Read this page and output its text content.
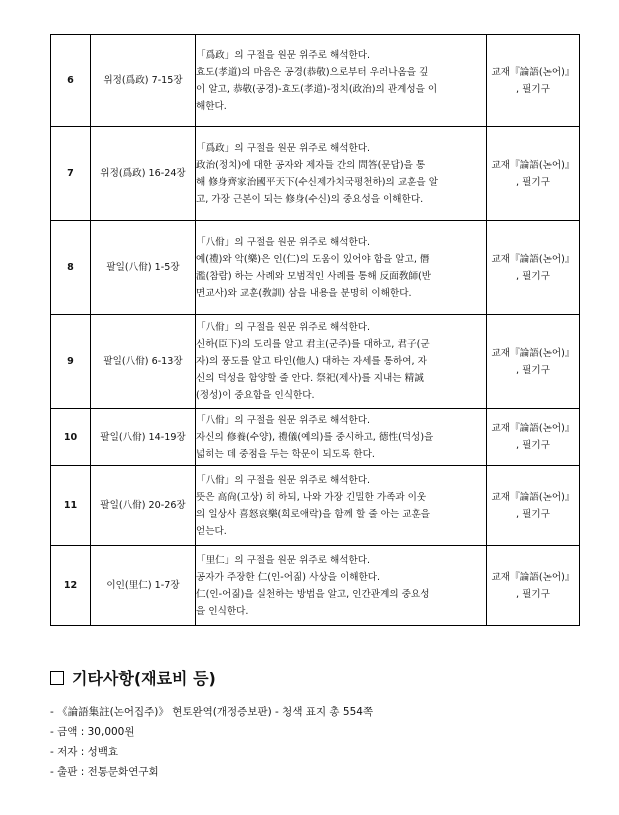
6	위정(爲政) 7-15장	「爲政」의 구절을 원문 위주로 해석한다.
효도(孝道)의 마음은 공경(恭敬)으로부터 우러나옴을 깊
이 알고, 恭敬(공경)-효도(孝道)-정치(政治)의 관계성을 이
해한다.	교재『論語(논어)』
, 필기구

7	위정(爲政) 16-24장	「爲政」의 구절을 원문 위주로 해석한다.
政治(정치)에 대한 공자와 제자들 간의 問答(문답)을 통
해 修身齊家治國平天下(수신제가치국평천하)의 교훈을 알
고, 가장 근본이 되는 修身(수신)의 중요성을 이해한다.	교재『論語(논어)』
, 필기구

8	팔일(八佾) 1-5장	「八佾」의 구절을 원문 위주로 해석한다.
예(禮)와 악(樂)은 인(仁)의 도움이 있어야 함을 알고, 僭
濫(참람) 하는 사례와 모범적인 사례를 통해 反面敎師(반
면교사)와 교훈(敎訓) 삼을 내용을 분명히 이해한다.	교재『論語(논어)』
, 필기구

9	팔일(八佾) 6-13장	「八佾」의 구절을 원문 위주로 해석한다.
신하(臣下)의 도리를 알고 君主(군주)를 대하고, 君子(군
자)의 풍도를 알고 타인(他人) 대하는 자세를 통하여, 자
신의 덕성을 함양할 줄 안다. 祭祀(제사)를 지내는 精誠
(정성)이 중요함을 인식한다.	교재『論語(논어)』
, 필기구

10	팔일(八佾) 14-19장	「八佾」의 구절을 원문 위주로 해석한다.
자신의 修養(수양), 禮儀(예의)를 중시하고, 德性(덕성)을
넓히는 데 중점을 두는 학문이 되도록 한다.	교재『論語(논어)』
, 필기구

11	팔일(八佾) 20-26장	「八佾」의 구절을 원문 위주로 해석한다.
뜻은 高尙(고상) 히 하되, 나와 가장 긴밀한 가족과 이웃
의 일상사 喜怒哀樂(희로애락)을 함께 할 줄 아는 교훈을
얻는다.	교재『論語(논어)』
, 필기구

12	이인(里仁) 1-7장	「里仁」의 구절을 원문 위주로 해석한다.
공자가 주장한 仁(인-어짊) 사상을 이해한다.
仁(인-어짊)을 실천하는 방법을 알고, 인간관계의 중요성
을 인식한다.	교재『論語(논어)』
, 필기구
기타사항(재료비 등)
- 《論語集註(논어집주)》 현토완역(개정증보판) - 청색 표지 총 554쪽
- 금액 : 30,000원
- 저자 : 성백효
- 출판 : 전통문화연구회
